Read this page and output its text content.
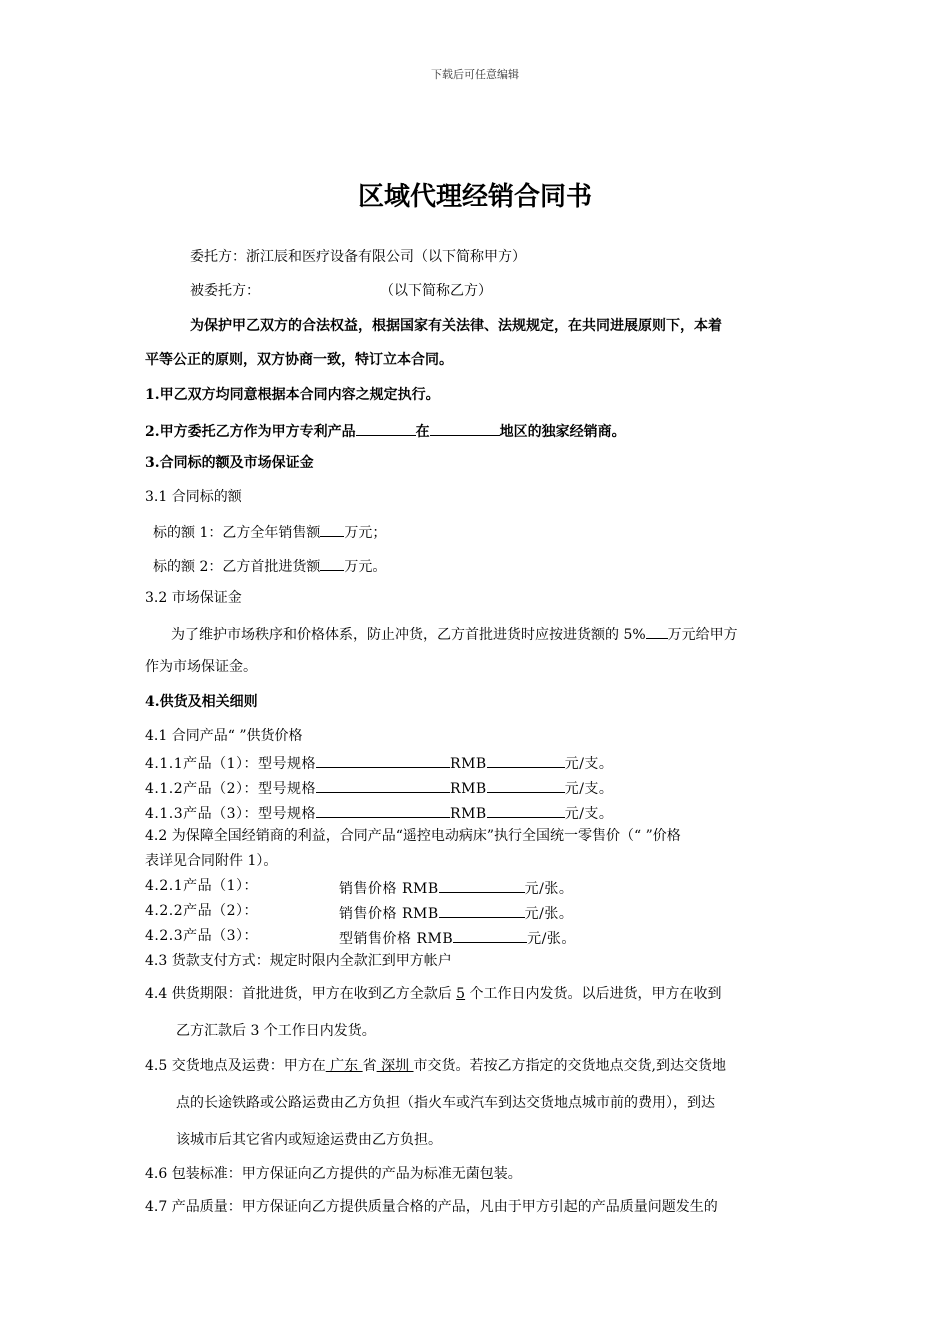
下载后可任意编辑
区域代理经销合同书
委托方：浙江辰和医疗设备有限公司（以下简称甲方）
被委托方：	（以下简称乙方）
为保护甲乙双方的合法权益，根据国家有关法律、法规规定，在共同进展原则下，本着
平等公正的原则，双方协商一致，特订立本合同。
1.甲乙双方均同意根据本合同内容之规定执行。
2.甲方委托乙方作为甲方专利产品	在	地区的独家经销商。
3.合同标的额及市场保证金
3.1 合同标的额
标的额 1：乙方全年销售额 万元；
标的额 2：乙方首批进货额 万元。
3.2 市场保证金
为了维护市场秩序和价格体系，防止冲货，乙方首批进货时应按进货额的 5% 万元给甲方
作为市场保证金。
4.供货及相关细则
4.1 合同产品“ ”供货价格
4.1.1产品（1）：型号规格	RMB	元/支。
4.1.2产品（2）：型号规格	RMB	元/支。
4.1.3产品（3）：型号规格	RMB	元/支。
4.2 为保障全国经销商的利益，合同产品“遥控电动病床”执行全国统一零售价（“ ”价格
表详见合同附件 1）。
4.2.1产品（1）：	销售价格 RMB	元/张。
4.2.2产品（2）：	销售价格 RMB	元/张。
4.2.3产品（3）：	型销售价格 RMB	元/张。
4.3 货款支付方式：规定时限内全款汇到甲方帐户
4.4 供货期限：首批进货，甲方在收到乙方全款后 5 个工作日内发货。以后进货，甲方在收到
乙方汇款后 3 个工作日内发货。
4.5 交货地点及运费：甲方在 广东 省 深圳 市交货。若按乙方指定的交货地点交货,到达交货地
点的长途铁路或公路运费由乙方负担（指火车或汽车到达交货地点城市前的费用），到达
该城市后其它省内或短途运费由乙方负担。
4.6 包装标准：甲方保证向乙方提供的产品为标准无菌包装。
4.7 产品质量：甲方保证向乙方提供质量合格的产品，凡由于甲方引起的产品质量问题发生的
